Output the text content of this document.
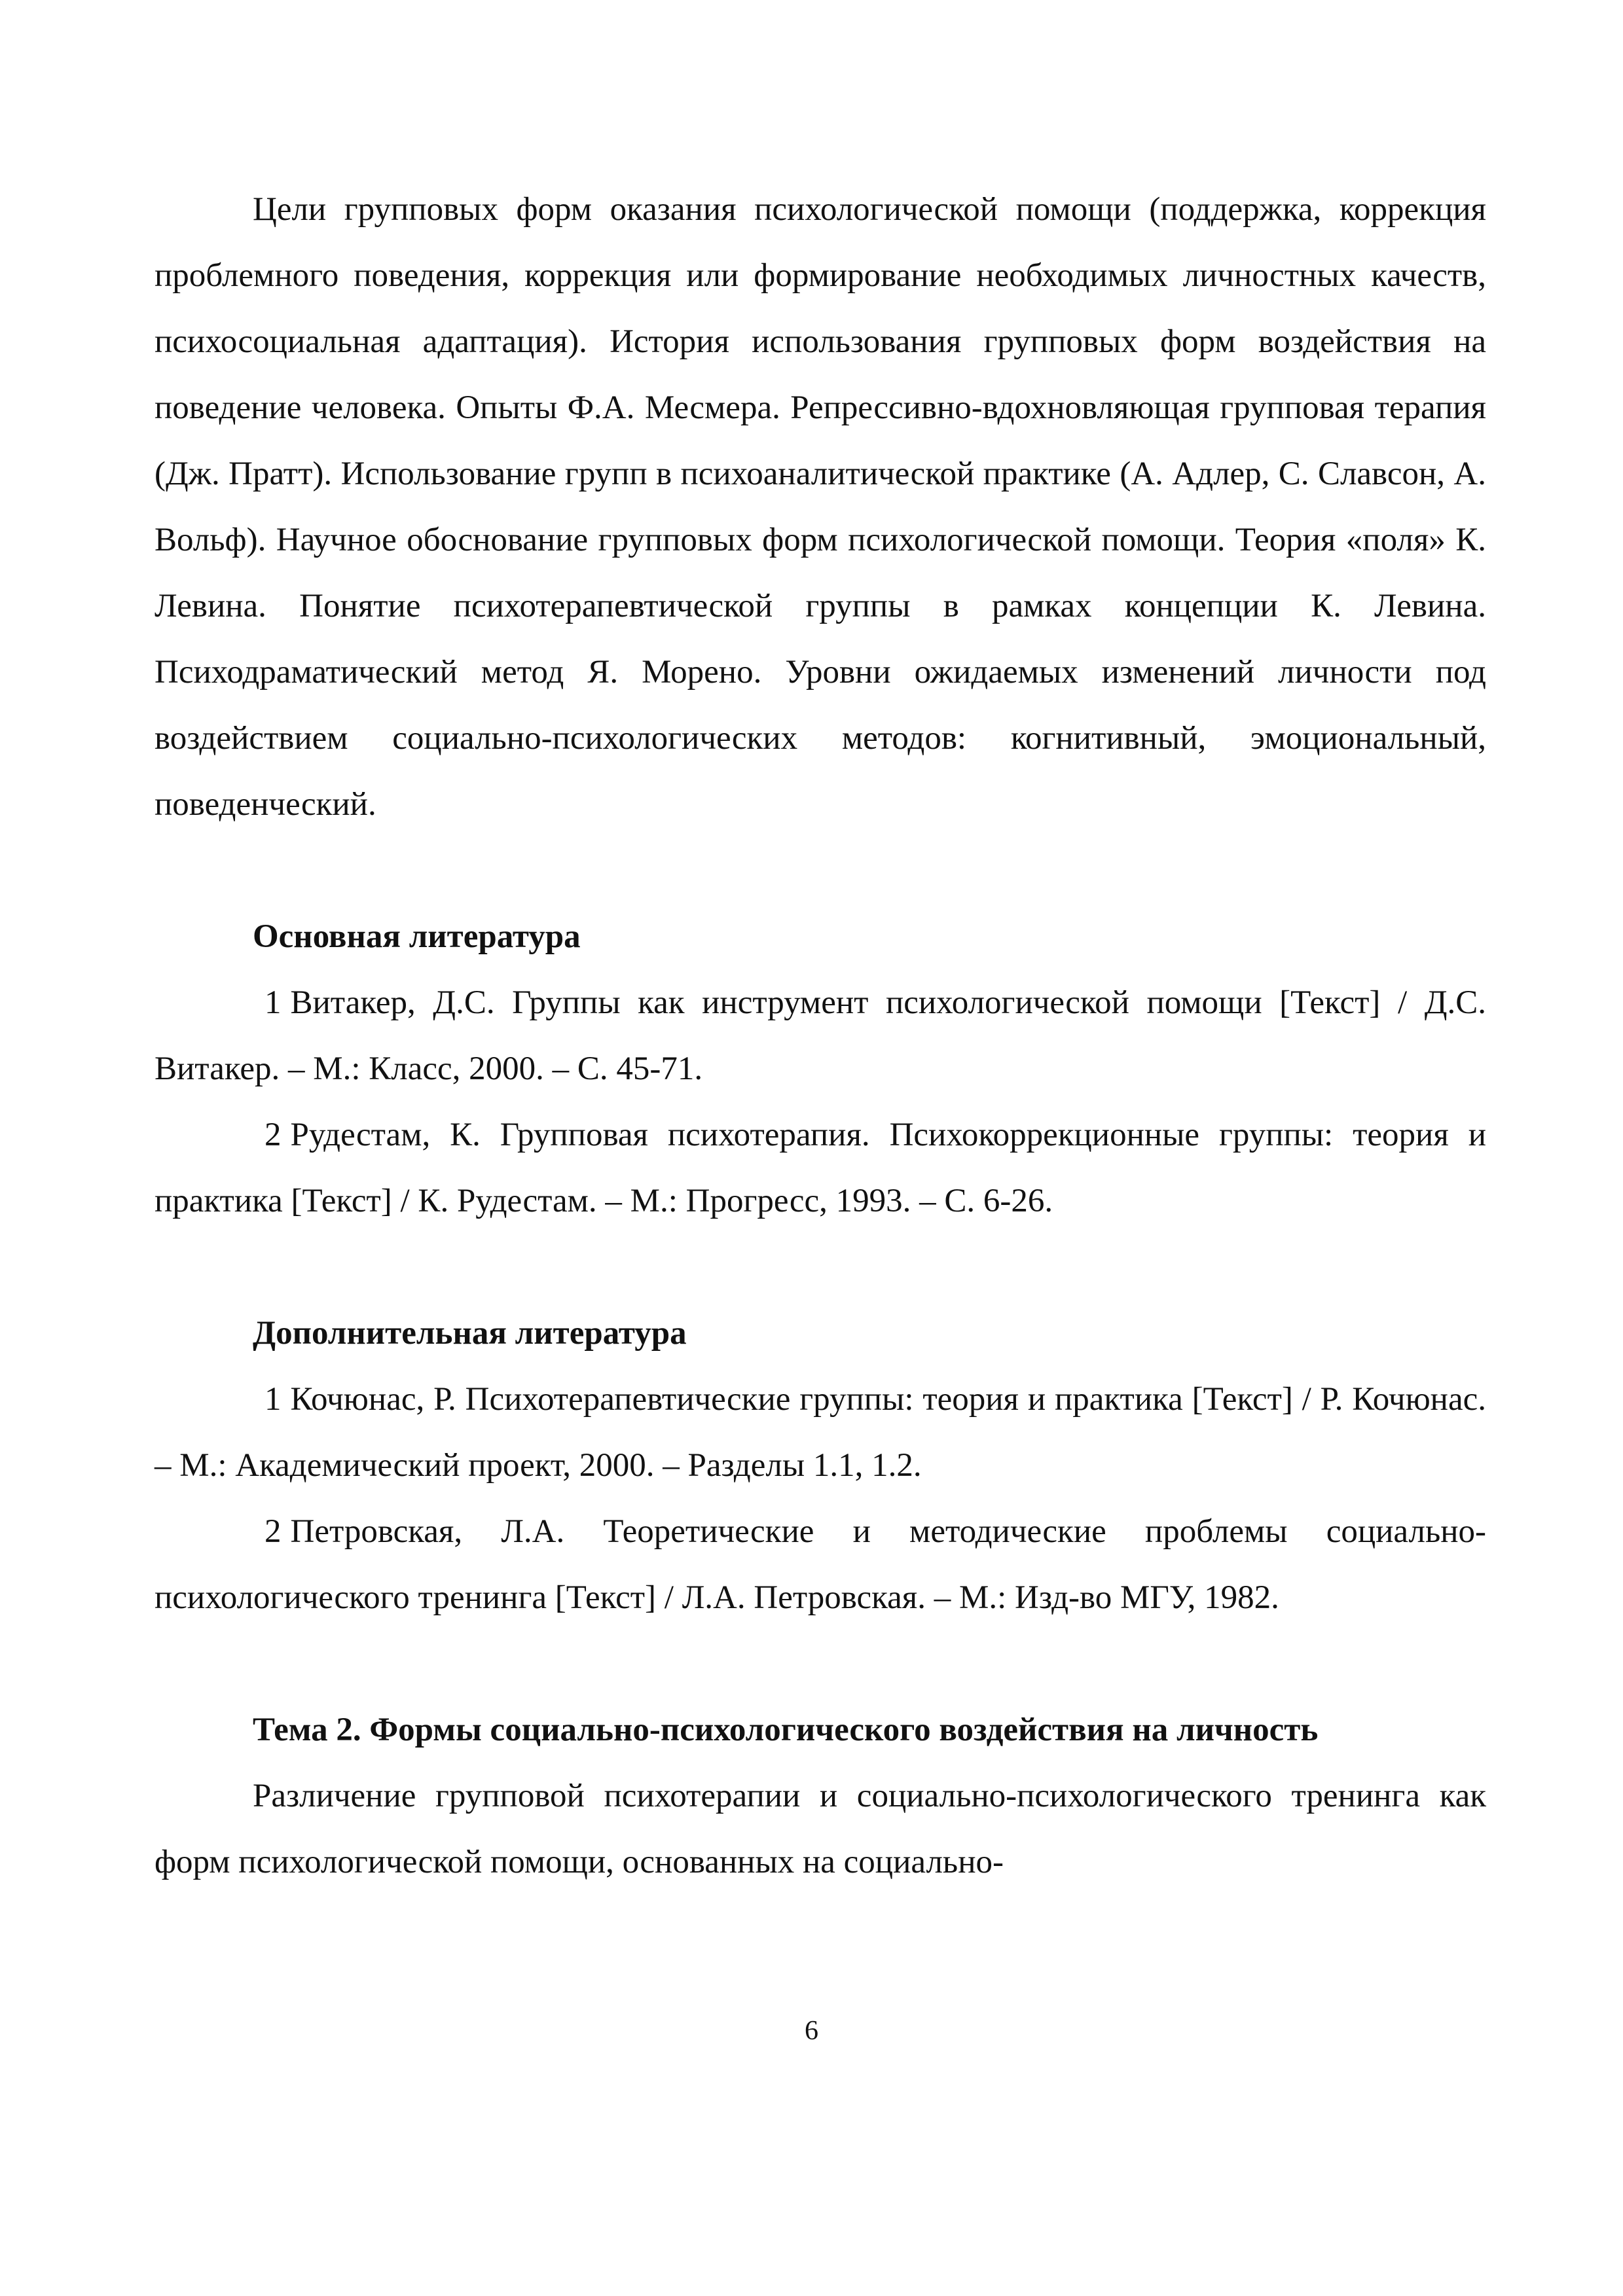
Цели групповых форм оказания психологической помощи (поддержка, коррекция проблемного поведения, коррекция или формирование необходимых личностных качеств, психосоциальная адаптация). История использования групповых форм воздействия на поведение человека. Опыты Ф.А. Месмера. Репрессивно-вдохновляющая групповая терапия (Дж. Пратт). Использование групп в психоаналитической практике (А. Адлер, С. Славсон, А. Вольф). Научное обоснование групповых форм психологической помощи. Теория «поля» К. Левина. Понятие психотерапевтической группы в рамках концепции К. Левина. Психодраматический метод Я. Морено. Уровни ожидаемых изменений личности под воздействием социально-психологических методов: когнитивный, эмоциональный, поведенческий.

Основная литература

1 Витакер, Д.С. Группы как инструмент психологической помощи [Текст] / Д.С. Витакер. – М.: Класс, 2000. – С. 45-71.

2 Рудестам, К. Групповая психотерапия. Психокоррекционные группы: теория и практика [Текст] / К. Рудестам. – М.: Прогресс, 1993. – С. 6-26.

Дополнительная литература

1 Кочюнас, Р. Психотерапевтические группы: теория и практика [Текст] / Р. Кочюнас. – М.: Академический проект, 2000. – Разделы 1.1, 1.2.

2 Петровская, Л.А. Теоретические и методические проблемы социально-психологического тренинга [Текст] / Л.А. Петровская. – М.: Изд-во МГУ, 1982.

Тема 2. Формы социально-психологического воздействия на личность

Различение групповой психотерапии и социально-психологического тренинга как форм психологической помощи, основанных на социально-

6
